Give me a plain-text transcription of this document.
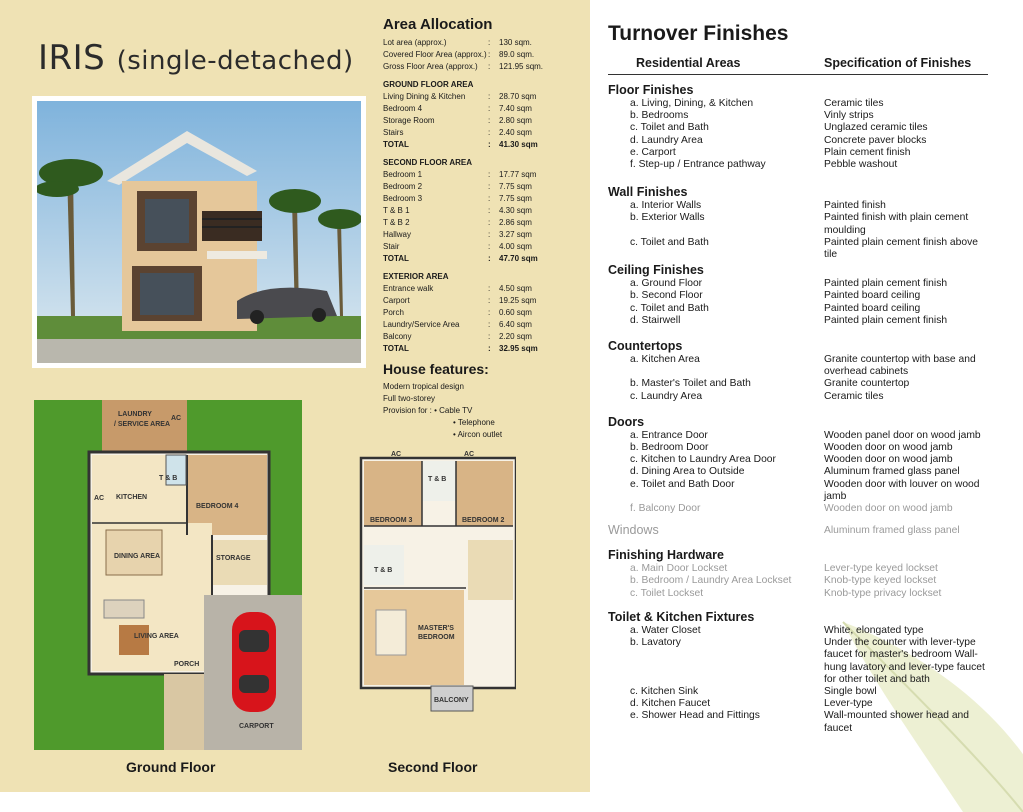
IRIS (single-detached)
Area Allocation
Lot area (approx.)	: 130 sqm.
Covered Floor Area (approx.) : 89.0 sqm.
Gross Floor Area (approx.) : 121.95 sqm.
GROUND FLOOR AREA
Living Dining & Kitchen	: 28.70 sqm
Bedroom 4	: 7.40 sqm
Storage Room	: 2.80 sqm
Stairs	: 2.40 sqm
TOTAL	: 41.30 sqm
SECOND FLOOR AREA
Bedroom 1	: 17.77 sqm
Bedroom 2	: 7.75 sqm
Bedroom 3	: 7.75 sqm
T & B 1	: 4.30 sqm
T & B 2	: 2.86 sqm
Hallway	: 3.27 sqm
Stair	: 4.00 sqm
TOTAL	: 47.70 sqm
EXTERIOR AREA
Entrance walk	: 4.50 sqm
Carport	: 19.25 sqm
Porch	: 0.60 sqm
Laundry/Service Area	: 6.40 sqm
Balcony	: 2.20 sqm
TOTAL	: 32.95 sqm
House features:
Modern tropical design
Full two-storey
Provision for : • Cable TV
• Telephone
• Aircon outlet
LAUNDRY
/ SERVICE AREA
KITCHEN
T & B
BEDROOM 4
DINING AREA	STORAGE
LIVING AREA
PORCH
CARPORT
AC
AC
Ground Floor
AC	AC
T & B
BEDROOM 3	BEDROOM 2
T & B
MASTER'S
BEDROOM
BALCONY
Second Floor
Turnover Finishes
Residential Areas	Specification of Finishes
Floor Finishes
a. Living, Dining, & Kitchen	Ceramic tiles
b. Bedrooms	Vinly strips
c. Toilet and Bath	Unglazed ceramic tiles
d. Laundry Area	Concrete paver blocks
e. Carport	Plain cement finish
f. Step-up / Entrance pathway	Pebble washout
Wall Finishes
a. Interior Walls	Painted finish
b. Exterior Walls	Painted finish with plain cement moulding
c. Toilet and Bath	Painted plain cement finish above tile
Ceiling Finishes
a. Ground Floor	Painted plain cement finish
b. Second Floor	Painted board ceiling
c. Toilet and Bath	Painted board ceiling
d. Stairwell	Painted plain cement finish
Countertops
a. Kitchen Area	Granite countertop with base and overhead cabinets
b. Master's Toilet and Bath	Granite countertop
c. Laundry Area	Ceramic tiles
Doors
a. Entrance Door	Wooden panel door on wood jamb
b. Bedroom Door	Wooden door on wood jamb
c. Kitchen to Laundry Area Door	Wooden door on wood jamb
d. Dining Area to Outside	Aluminum framed glass panel
e. Toilet and Bath Door	Wooden door with louver on wood jamb
f. Balcony Door	Wooden door on wood jamb
Windows	Aluminum framed glass panel
Finishing Hardware
a. Main Door Lockset	Lever-type keyed lockset
b. Bedroom / Laundry Area Lockset	Knob-type keyed lockset
c. Toilet Lockset	Knob-type privacy lockset
Toilet & Kitchen Fixtures
a. Water Closet	White, elongated type
b. Lavatory	Under the counter with lever-type faucet for master's bedroom Wall-hung lavatory and lever-type faucet for other toilet and bath
c. Kitchen Sink	Single bowl
d. Kitchen Faucet	Lever-type
e. Shower Head and Fittings	Wall-mounted shower head and faucet
